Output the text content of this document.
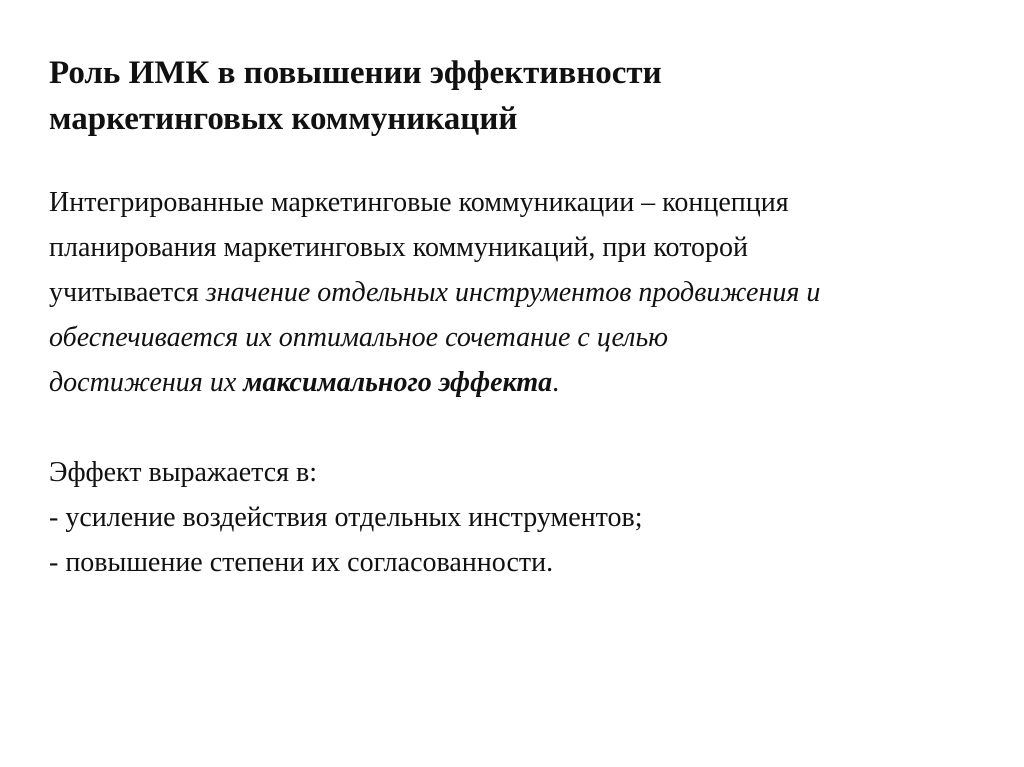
Роль ИМК в повышении эффективности
маркетинговых коммуникаций
Интегрированные маркетинговые коммуникации – концепция
планирования маркетинговых коммуникаций, при которой
учитывается значение отдельных инструментов продвижения и
обеспечивается их оптимальное сочетание с целью
достижения их максимального эффекта.
Эффект выражается в:
- усиление воздействия отдельных инструментов;
- повышение степени их согласованности.
